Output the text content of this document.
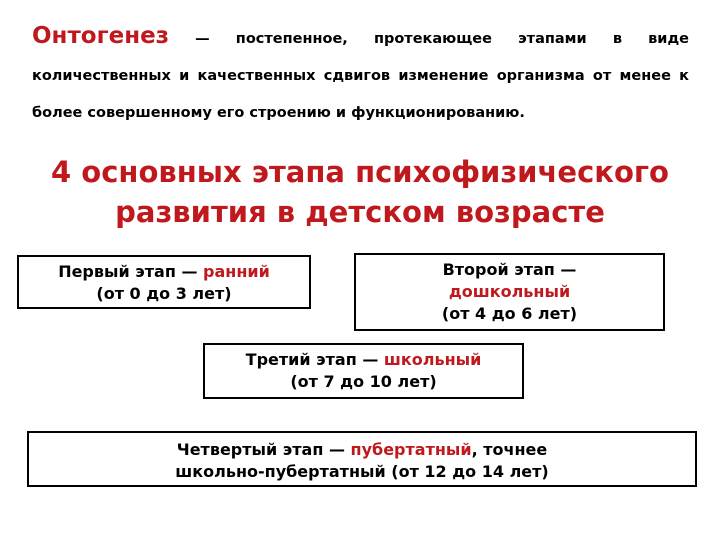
Онтогенез — постепенное, протекающее этапами в виде количественных и качественных сдвигов изменение организма от менее к более совершенному его строению и функционированию.

4 основных этапа психофизического развития в детском возрасте
Первый этап — ранний
(от 0 до 3 лет)
Второй этап —
дошкольный
(от 4 до 6 лет)
Третий этап — школьный
(от 7 до 10 лет)
Четвертый этап — пубертатный, точнее
школьно-пубертатный (от 12 до 14 лет)
